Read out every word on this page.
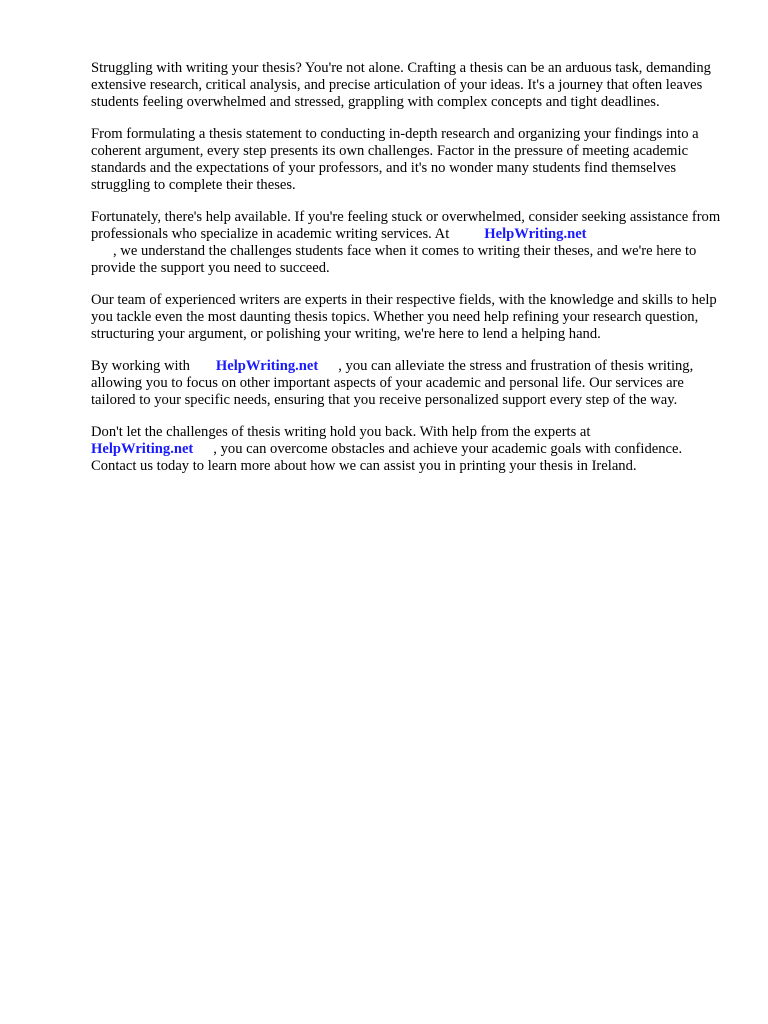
Struggling with writing your thesis? You're not alone. Crafting a thesis can be an arduous task, demanding extensive research, critical analysis, and precise articulation of your ideas. It's a journey that often leaves students feeling overwhelmed and stressed, grappling with complex concepts and tight deadlines.

From formulating a thesis statement to conducting in-depth research and organizing your findings into a coherent argument, every step presents its own challenges. Factor in the pressure of meeting academic standards and the expectations of your professors, and it's no wonder many students find themselves struggling to complete their theses.

Fortunately, there's help available. If you're feeling stuck or overwhelmed, consider seeking assistance from professionals who specialize in academic writing services. At HelpWriting.net
, we understand the challenges students face when it comes to writing their theses, and we're here to provide the support you need to succeed.

Our team of experienced writers are experts in their respective fields, with the knowledge and skills to help you tackle even the most daunting thesis topics. Whether you need help refining your research question, structuring your argument, or polishing your writing, we're here to lend a helping hand.

By working with HelpWriting.net , you can alleviate the stress and frustration of thesis writing, allowing you to focus on other important aspects of your academic and personal life. Our services are tailored to your specific needs, ensuring that you receive personalized support every step of the way.

Don't let the challenges of thesis writing hold you back. With help from the experts at
HelpWriting.net , you can overcome obstacles and achieve your academic goals with confidence. Contact us today to learn more about how we can assist you in printing your thesis in Ireland.
